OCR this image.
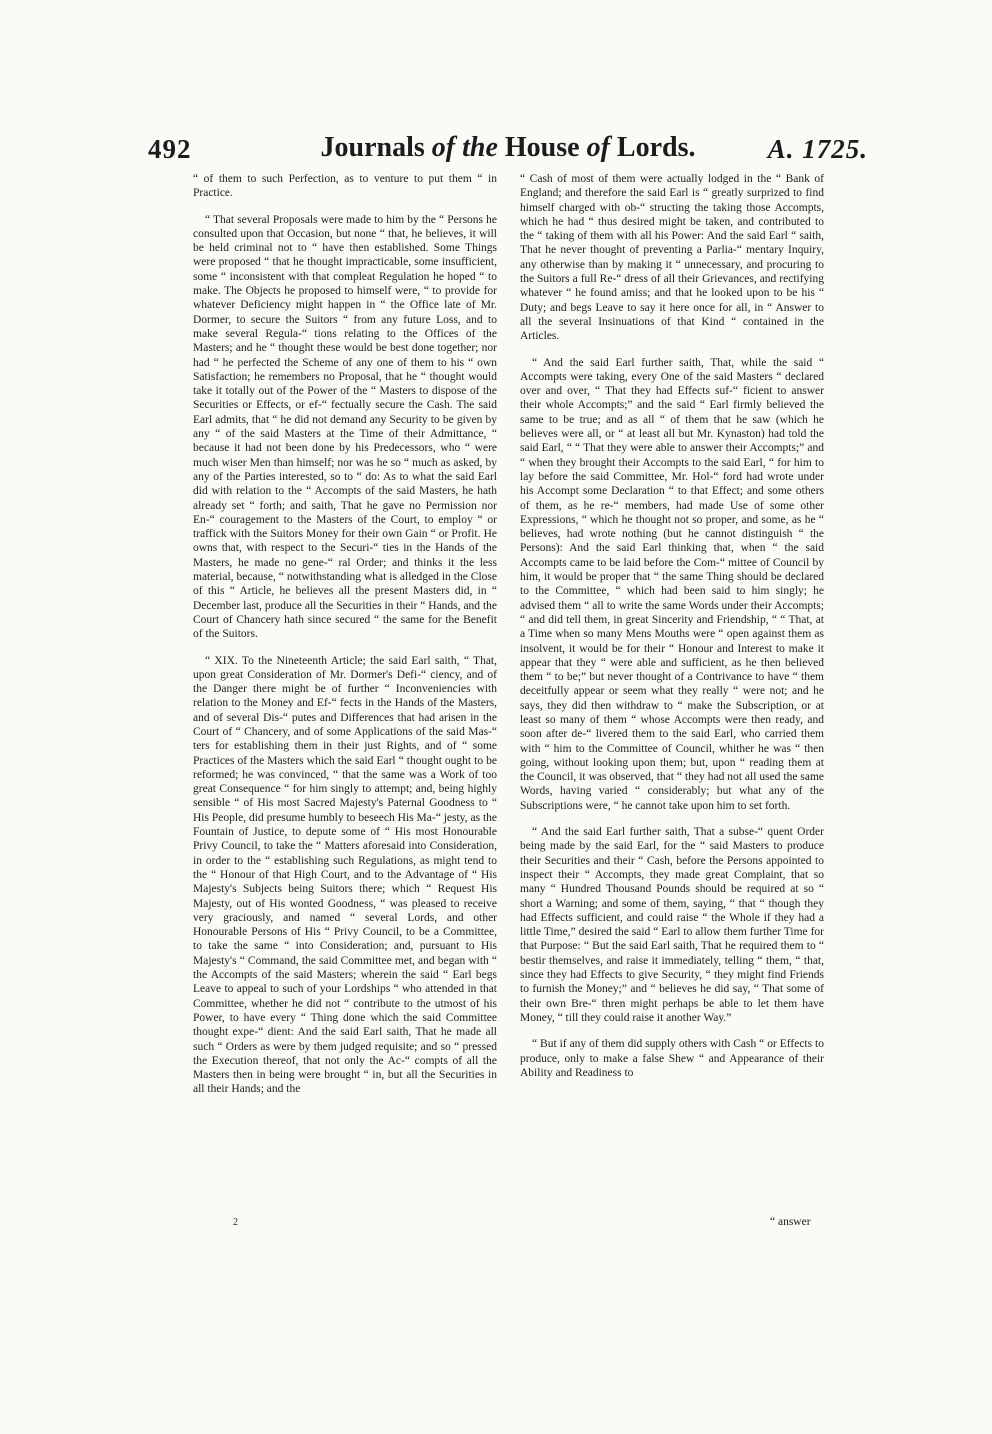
492	Journals of the House of Lords.	A. 1725.

“ of them to such Perfection, as to venture to put them “ in Practice.

“ That several Proposals were made to him by the “ Persons he consulted upon that Occasion, but none “ that, he believes, it will be held criminal not to “ have then established. Some Things were proposed “ that he thought impracticable, some insufficient, some “ inconsistent with that compleat Regulation he hoped “ to make. The Objects he proposed to himself were, “ to provide for whatever Deficiency might happen in “ the Office late of Mr. Dormer, to secure the Suitors “ from any future Loss, and to make several Regula-“ tions relating to the Offices of the Masters; and he “ thought these would be best done together; nor had “ he perfected the Scheme of any one of them to his “ own Satisfaction; he remembers no Proposal, that he “ thought would take it totally out of the Power of the “ Masters to dispose of the Securities or Effects, or ef-“ fectually secure the Cash. The said Earl admits, that “ he did not demand any Security to be given by any “ of the said Masters at the Time of their Admittance, “ because it had not been done by his Predecessors, who “ were much wiser Men than himself; nor was he so “ much as asked, by any of the Parties interested, so to “ do: As to what the said Earl did with relation to the “ Accompts of the said Masters, he hath already set “ forth; and saith, That he gave no Permission nor En-“ couragement to the Masters of the Court, to employ “ or traffick with the Suitors Money for their own Gain “ or Profit. He owns that, with respect to the Securi-“ ties in the Hands of the Masters, he made no gene-“ ral Order; and thinks it the less material, because, “ notwithstanding what is alledged in the Close of this “ Article, he believes all the present Masters did, in “ December last, produce all the Securities in their “ Hands, and the Court of Chancery hath since secured “ the same for the Benefit of the Suitors.

“ XIX. To the Nineteenth Article; the said Earl saith, “ That, upon great Consideration of Mr. Dormer's Defi-“ ciency, and of the Danger there might be of further “ Inconveniencies with relation to the Money and Ef-“ fects in the Hands of the Masters, and of several Dis-“ putes and Differences that had arisen in the Court of “ Chancery, and of some Applications of the said Mas-“ ters for establishing them in their just Rights, and of “ some Practices of the Masters which the said Earl “ thought ought to be reformed; he was convinced, “ that the same was a Work of too great Consequence “ for him singly to attempt; and, being highly sensible “ of His most Sacred Majesty's Paternal Goodness to “ His People, did presume humbly to beseech His Ma-“ jesty, as the Fountain of Justice, to depute some of “ His most Honourable Privy Council, to take the “ Matters aforesaid into Consideration, in order to the “ establishing such Regulations, as might tend to the “ Honour of that High Court, and to the Advantage of “ His Majesty's Subjects being Suitors there; which “ Request His Majesty, out of His wonted Goodness, “ was pleased to receive very graciously, and named “ several Lords, and other Honourable Persons of His “ Privy Council, to be a Committee, to take the same “ into Consideration; and, pursuant to His Majesty's “ Command, the said Committee met, and began with “ the Accompts of the said Masters; wherein the said “ Earl begs Leave to appeal to such of your Lordships “ who attended in that Committee, whether he did not “ contribute to the utmost of his Power, to have every “ Thing done which the said Committee thought expe-“ dient: And the said Earl saith, That he made all such “ Orders as were by them judged requisite; and so “ pressed the Execution thereof, that not only the Ac-“ compts of all the Masters then in being were brought “ in, but all the Securities in all their Hands; and the

“ Cash of most of them were actually lodged in the “ Bank of England; and therefore the said Earl is “ greatly surprized to find himself charged with ob-“ structing the taking those Accompts, which he had “ thus desired might be taken, and contributed to the “ taking of them with all his Power: And the said Earl “ saith, That he never thought of preventing a Parlia-“ mentary Inquiry, any otherwise than by making it “ unnecessary, and procuring to the Suitors a full Re-“ dress of all their Grievances, and rectifying whatever “ he found amiss; and that he looked upon to be his “ Duty; and begs Leave to say it here once for all, in “ Answer to all the several Insinuations of that Kind “ contained in the Articles.

“ And the said Earl further saith, That, while the said “ Accompts were taking, every One of the said Masters “ declared over and over, “ That they had Effects suf-“ ficient to answer their whole Accompts;” and the said “ Earl firmly believed the same to be true; and as all “ of them that he saw (which he believes were all, or “ at least all but Mr. Kynaston) had told the said Earl, “ “ That they were able to answer their Accompts;” and “ when they brought their Accompts to the said Earl, “ for him to lay before the said Committee, Mr. Hol-“ ford had wrote under his Accompt some Declaration “ to that Effect; and some others of them, as he re-“ members, had made Use of some other Expressions, “ which he thought not so proper, and some, as he “ believes, had wrote nothing (but he cannot distinguish “ the Persons): And the said Earl thinking that, when “ the said Accompts came to be laid before the Com-“ mittee of Council by him, it would be proper that “ the same Thing should be declared to the Committee, “ which had been said to him singly; he advised them “ all to write the same Words under their Accompts; “ and did tell them, in great Sincerity and Friendship, “ “ That, at a Time when so many Mens Mouths were “ open against them as insolvent, it would be for their “ Honour and Interest to make it appear that they “ were able and sufficient, as he then believed them “ to be;” but never thought of a Contrivance to have “ them deceitfully appear or seem what they really “ were not; and he says, they did then withdraw to “ make the Subscription, or at least so many of them “ whose Accompts were then ready, and soon after de-“ livered them to the said Earl, who carried them with “ him to the Committee of Council, whither he was “ then going, without looking upon them; but, upon “ reading them at the Council, it was observed, that “ they had not all used the same Words, having varied “ considerably; but what any of the Subscriptions were, “ he cannot take upon him to set forth.

“ And the said Earl further saith, That a subse-“ quent Order being made by the said Earl, for the “ said Masters to produce their Securities and their “ Cash, before the Persons appointed to inspect their “ Accompts, they made great Complaint, that so many “ Hundred Thousand Pounds should be required at so “ short a Warning; and some of them, saying, “ that “ though they had Effects sufficient, and could raise “ the Whole if they had a little Time,” desired the said “ Earl to allow them further Time for that Purpose: “ But the said Earl saith, That he required them to “ bestir themselves, and raise it immediately, telling “ them, “ that, since they had Effects to give Security, “ they might find Friends to furnish the Money;” and “ believes he did say, “ That some of their own Bre-“ thren might perhaps be able to let them have Money, “ till they could raise it another Way.”

“ But if any of them did supply others with Cash “ or Effects to produce, only to make a false Shew “ and Appearance of their Ability and Readiness to

2	“ answer
